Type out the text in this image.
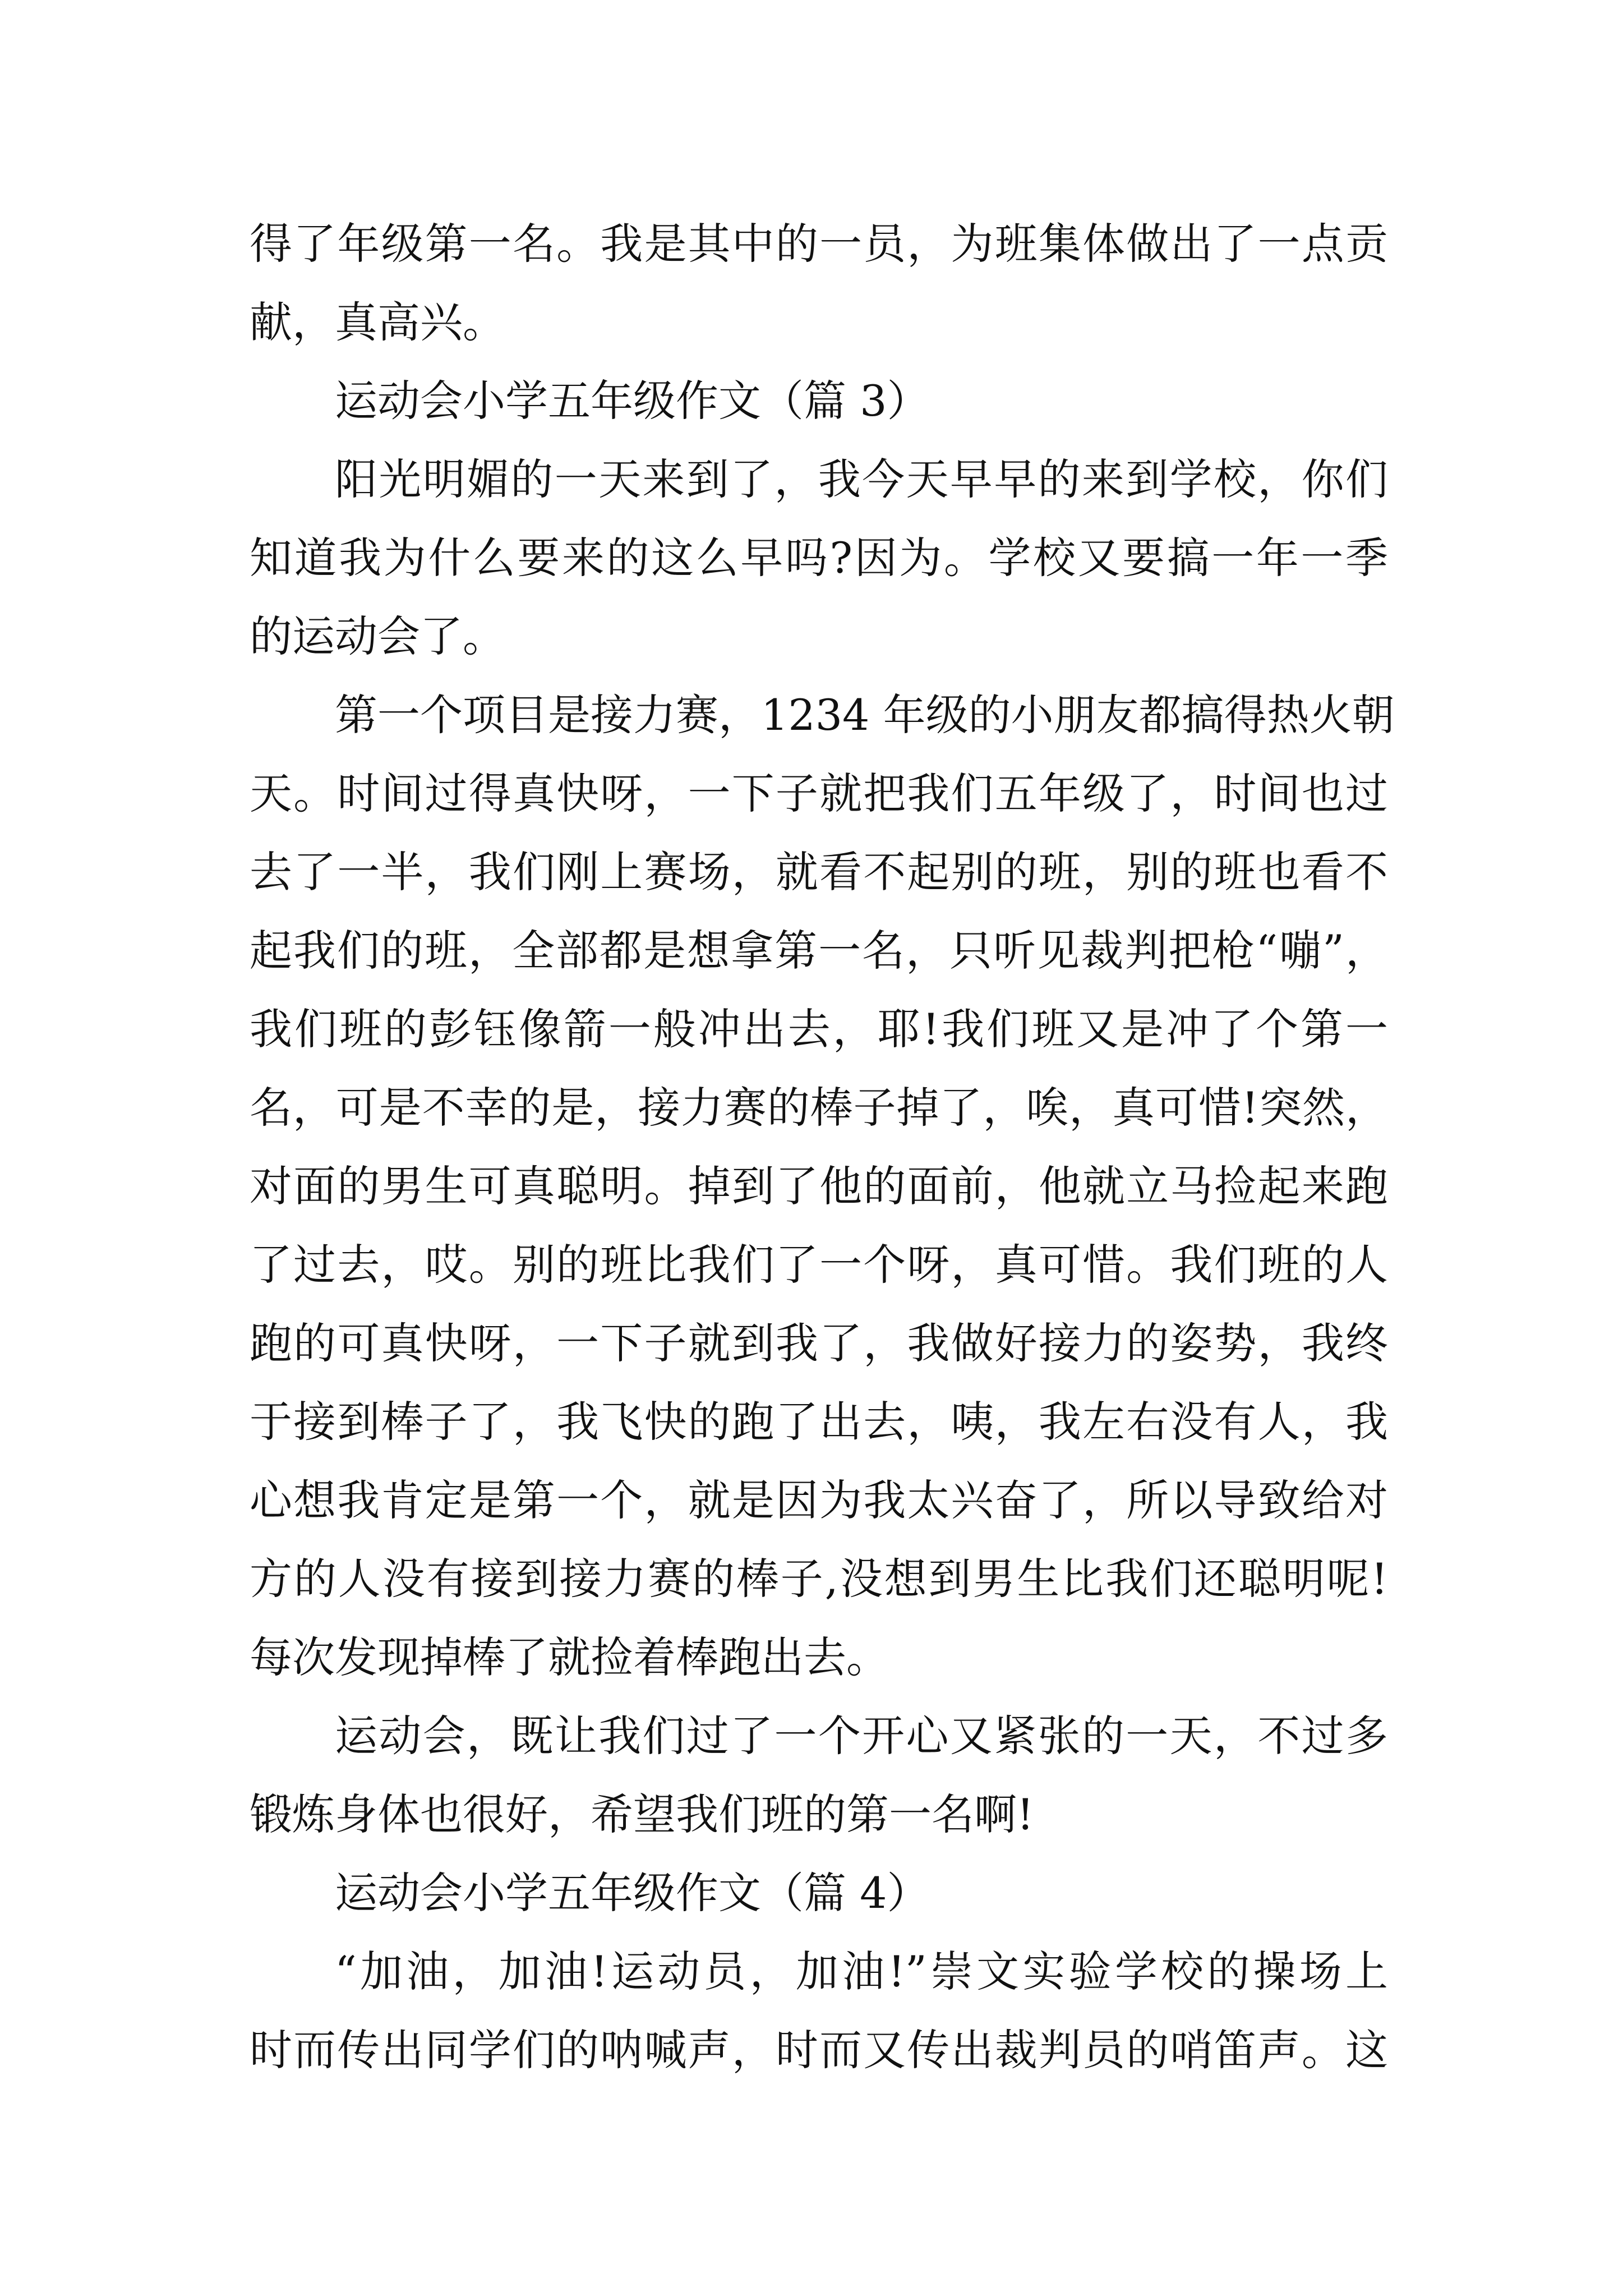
得了年级第一名。我是其中的一员，为班集体做出了一点贡
献，真高兴。
运动会小学五年级作文（篇 3）
阳光明媚的一天来到了，我今天早早的来到学校，你们
知道我为什么要来的这么早吗?因为。学校又要搞一年一季
的运动会了。
第一个项目是接力赛，1234 年级的小朋友都搞得热火朝
天。时间过得真快呀，一下子就把我们五年级了，时间也过
去了一半，我们刚上赛场，就看不起别的班，别的班也看不
起我们的班，全部都是想拿第一名，只听见裁判把枪“嘣”，
我们班的彭钰像箭一般冲出去，耶!我们班又是冲了个第一
名，可是不幸的是，接力赛的棒子掉了，唉，真可惜!突然，
对面的男生可真聪明。掉到了他的面前，他就立马捡起来跑
了过去，哎。别的班比我们了一个呀，真可惜。我们班的人
跑的可真快呀，一下子就到我了，我做好接力的姿势，我终
于接到棒子了，我飞快的跑了出去，咦，我左右没有人，我
心想我肯定是第一个，就是因为我太兴奋了，所以导致给对
方的人没有接到接力赛的棒子,没想到男生比我们还聪明呢!
每次发现掉棒了就捡着棒跑出去。
运动会，既让我们过了一个开心又紧张的一天，不过多
锻炼身体也很好，希望我们班的第一名啊!
运动会小学五年级作文（篇 4）
“加油，加油!运动员，加油!”崇文实验学校的操场上
时而传出同学们的呐喊声，时而又传出裁判员的哨笛声。这
